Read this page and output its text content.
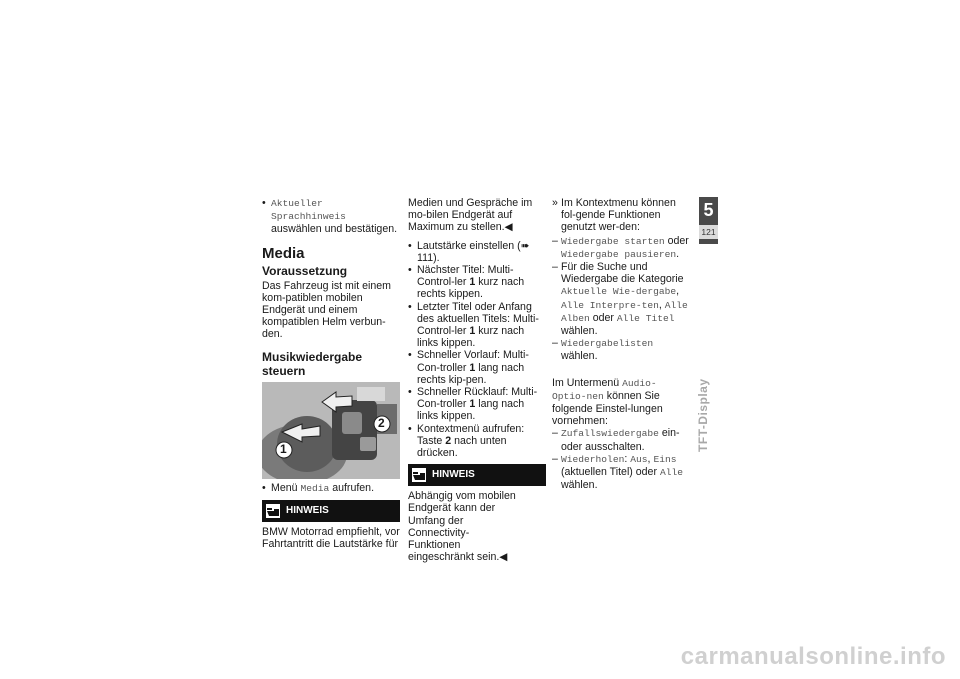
• Aktueller Sprachhinweis
auswählen und bestätigen.
Media
Voraussetzung

Das Fahrzeug ist mit einem kom-patiblen mobilen Endgerät und einem kompatiblen Helm verbun-den.

Musikwiedergabe steuern
1
2
• Menü Media aufrufen.
HINWEIS

BMW Motorrad empfiehlt, vor Fahrtantritt die Lautstärke für

Medien und Gespräche im mo-bilen Endgerät auf Maximum zu stellen.◀

• Lautstärke einstellen (➠ 111).
• Nächster Titel: Multi-Control-ler 1 kurz nach rechts kippen.
• Letzter Titel oder Anfang des aktuellen Titels: Multi-Control-ler 1 kurz nach links kippen.
• Schneller Vorlauf: Multi-Con-troller 1 lang nach rechts kip-pen.
• Schneller Rücklauf: Multi-Con-troller 1 lang nach links kippen.
• Kontextmenü aufrufen: Taste 2 nach unten drücken.
HINWEIS

Abhängig vom mobilen Endgerät kann der Umfang der Connectivity-Funktionen eingeschränkt sein.◀

» Im Kontextmenu können fol-gende Funktionen genutzt wer-den:
– Wiedergabe starten oder Wiedergabe pausieren.
– Für die Suche und Wiedergabe die Kategorie Aktuelle Wie-dergabe, Alle Interpre-ten, Alle Alben oder Alle Titel wählen.
– Wiedergabelisten wählen.

Im Untermenü Audio-Optio-nen können Sie folgende Einstel-lungen vornehmen:

– Zufallswiedergabe ein-oder ausschalten.
– Wiederholen: Aus, Eins (aktuellen Titel) oder Alle wählen.
5
121
TFT-Display
carmanualsonline.info
